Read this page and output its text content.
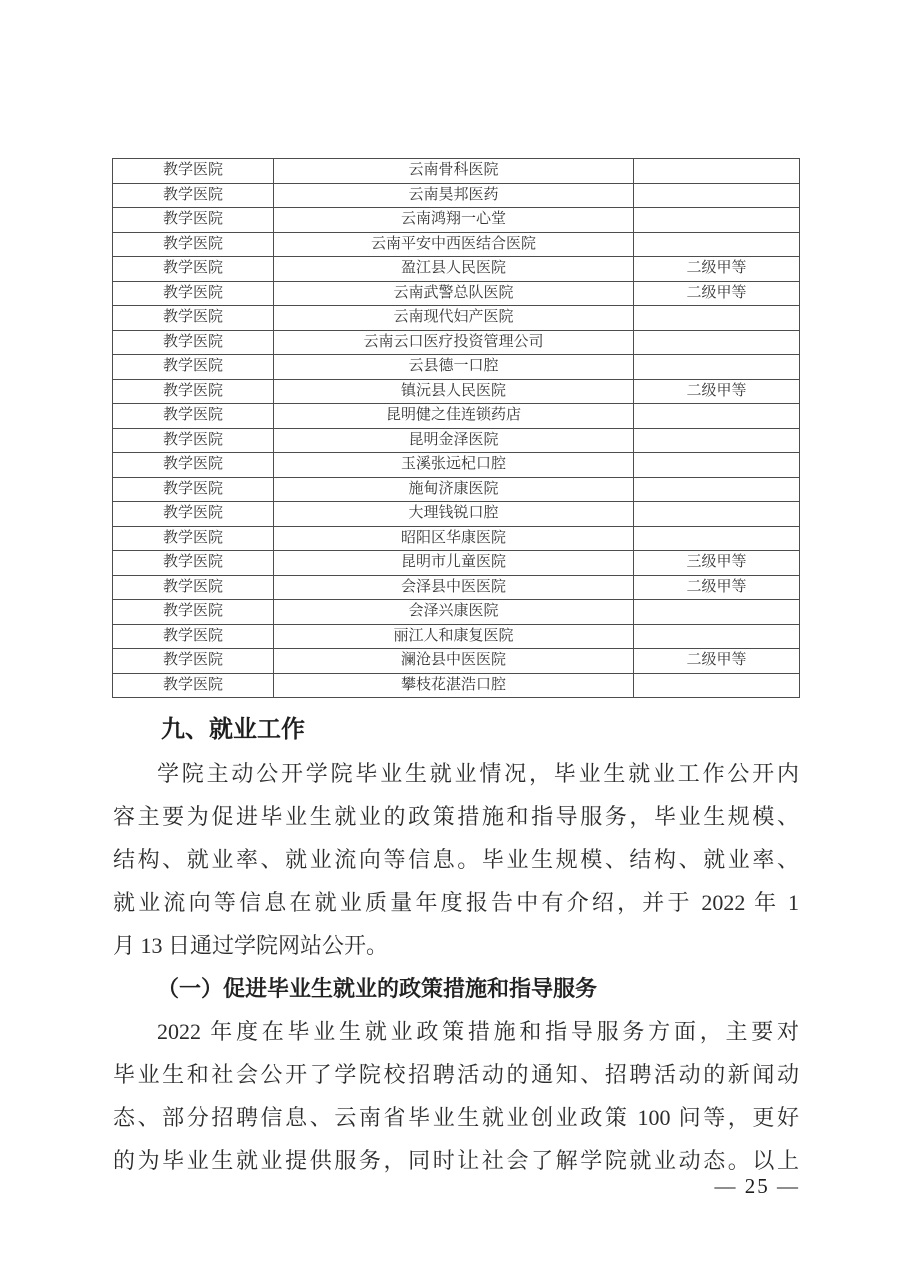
教学医院	云南骨科医院	
教学医院	云南昊邦医药	
教学医院	云南鸿翔一心堂	
教学医院	云南平安中西医结合医院	
教学医院	盈江县人民医院	二级甲等
教学医院	云南武警总队医院	二级甲等
教学医院	云南现代妇产医院	
教学医院	云南云口医疗投资管理公司	
教学医院	云县德一口腔	
教学医院	镇沅县人民医院	二级甲等
教学医院	昆明健之佳连锁药店	
教学医院	昆明金泽医院	
教学医院	玉溪张远杞口腔	
教学医院	施甸济康医院	
教学医院	大理钱锐口腔	
教学医院	昭阳区华康医院	
教学医院	昆明市儿童医院	三级甲等
教学医院	会泽县中医医院	二级甲等
教学医院	会泽兴康医院	
教学医院	丽江人和康复医院	
教学医院	澜沧县中医医院	二级甲等
教学医院	攀枝花湛浩口腔	
九、就业工作
学院主动公开学院毕业生就业情况，毕业生就业工作公开内
容主要为促进毕业生就业的政策措施和指导服务，毕业生规模、
结构、就业率、就业流向等信息。毕业生规模、结构、就业率、
就业流向等信息在就业质量年度报告中有介绍，并于 2022 年 1
月 13 日通过学院网站公开。
（一）促进毕业生就业的政策措施和指导服务
2022 年度在毕业生就业政策措施和指导服务方面，主要对
毕业生和社会公开了学院校招聘活动的通知、招聘活动的新闻动
态、部分招聘信息、云南省毕业生就业创业政策 100 问等，更好
的为毕业生就业提供服务，同时让社会了解学院就业动态。以上
— 25 —
